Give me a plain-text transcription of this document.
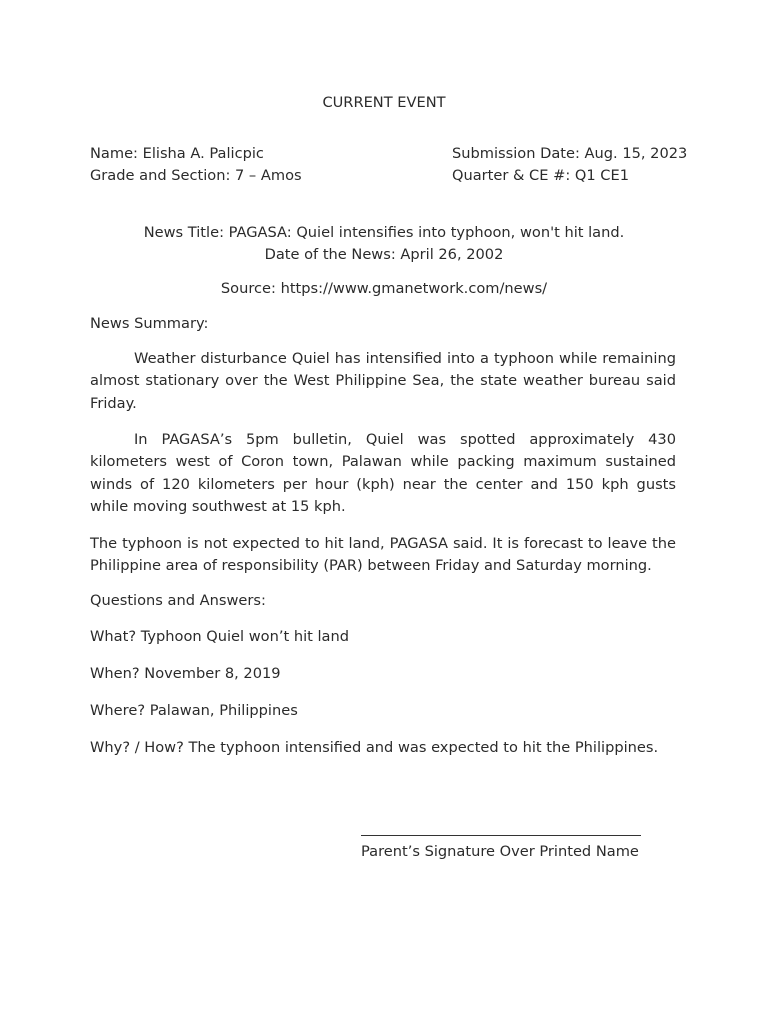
CURRENT EVENT
Name: Elisha A. Palicpic	Submission Date: Aug. 15, 2023
Grade and Section: 7 – Amos	Quarter & CE #: Q1 CE1
News Title: PAGASA: Quiel intensifies into typhoon, won't hit land.
Date of the News: April 26, 2002
Source: https://www.gmanetwork.com/news/
News Summary:
Weather disturbance Quiel has intensified into a typhoon while remaining almost stationary over the West Philippine Sea, the state weather bureau said Friday.
In PAGASA’s 5pm bulletin, Quiel was spotted approximately 430 kilometers west of Coron town, Palawan while packing maximum sustained winds of 120 kilometers per hour (kph) near the center and 150 kph gusts while moving southwest at 15 kph.
The typhoon is not expected to hit land, PAGASA said. It is forecast to leave the Philippine area of responsibility (PAR) between Friday and Saturday morning.
Questions and Answers:
What? Typhoon Quiel won’t hit land
When? November 8, 2019
Where? Palawan, Philippines
Why? / How? The typhoon intensified and was expected to hit the Philippines.
Parent’s Signature Over Printed Name
